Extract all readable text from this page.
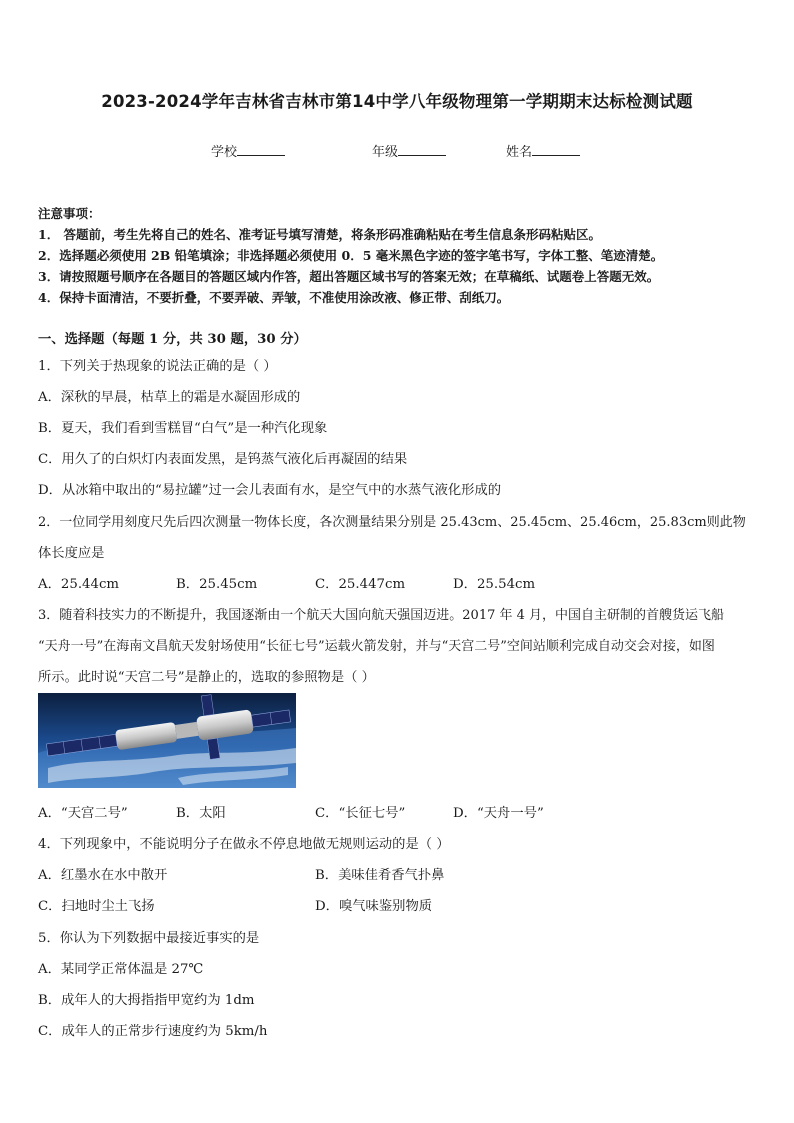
2023-2024学年吉林省吉林市第14中学八年级物理第一学期期末达标检测试题
学校	年级	姓名
注意事项：
1． 答题前，考生先将自己的姓名、准考证号填写清楚，将条形码准确粘贴在考生信息条形码粘贴区。
2．选择题必须使用 2B 铅笔填涂；非选择题必须使用 0．5 毫米黑色字迹的签字笔书写，字体工整、笔迹清楚。
3．请按照题号顺序在各题目的答题区域内作答，超出答题区域书写的答案无效；在草稿纸、试题卷上答题无效。
4．保持卡面清洁，不要折叠，不要弄破、弄皱，不准使用涂改液、修正带、刮纸刀。
一、选择题（每题 1 分，共 30 题，30 分）
1．下列关于热现象的说法正确的是（ ）
A．深秋的早晨，枯草上的霜是水凝固形成的
B．夏天，我们看到雪糕冒“白气”是一种汽化现象
C．用久了的白炽灯内表面发黑，是钨蒸气液化后再凝固的结果
D．从冰箱中取出的“易拉罐”过一会儿表面有水，是空气中的水蒸气液化形成的
2．一位同学用刻度尺先后四次测量一物体长度，各次测量结果分别是 25.43cm、25.45cm、25.46cm，25.83cm则此物
体长度应是
A．25.44cm	B．25.45cm	C．25.447cm	D．25.54cm
3．随着科技实力的不断提升，我国逐渐由一个航天大国向航天强国迈进。2017 年 4 月，中国自主研制的首艘货运飞船
“天舟一号”在海南文昌航天发射场使用“长征七号”运载火箭发射，并与“天宫二号”空间站顺利完成自动交会对接，如图
所示。此时说“天宫二号”是静止的，选取的参照物是（ ）
A．“天宫二号”	B．太阳	C．“长征七号”	D．“天舟一号”
4．下列现象中，不能说明分子在做永不停息地做无规则运动的是（ ）
A．红墨水在水中散开	B．美味佳肴香气扑鼻
C．扫地时尘土飞扬	D．嗅气味鉴别物质
5．你认为下列数据中最接近事实的是
A．某同学正常体温是 27℃
B．成年人的大拇指指甲宽约为 1dm
C．成年人的正常步行速度约为 5km/h
